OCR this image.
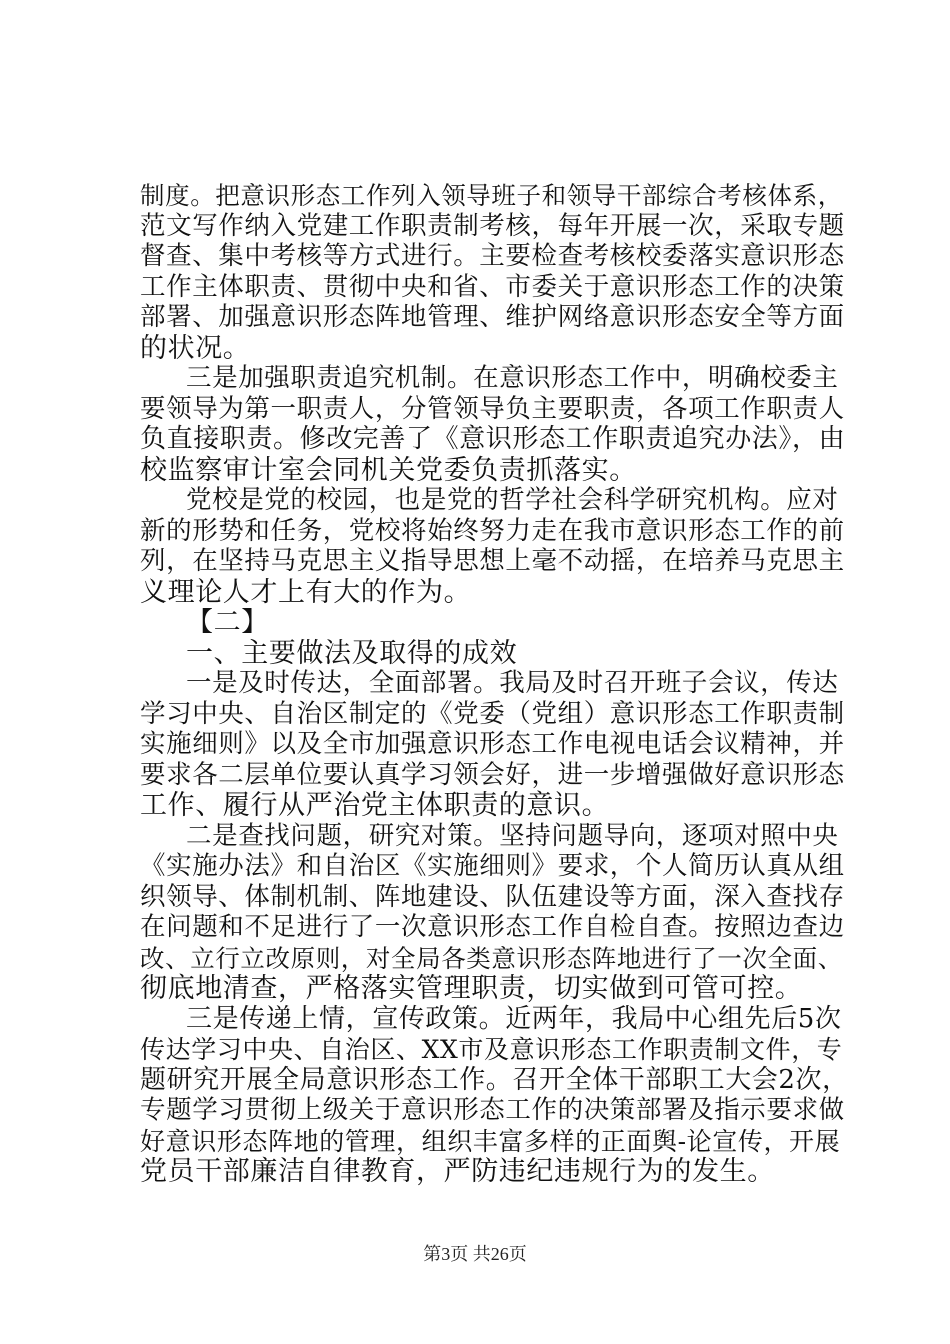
制度。把意识形态工作列入领导班子和领导干部综合考核体系，
范文写作纳入党建工作职责制考核，每年开展一次，采取专题
督查、集中考核等方式进行。主要检查考核校委落实意识形态
工作主体职责、贯彻中央和省、市委关于意识形态工作的决策
部署、加强意识形态阵地管理、维护网络意识形态安全等方面
的状况。
三是加强职责追究机制。在意识形态工作中，明确校委主
要领导为第一职责人，分管领导负主要职责，各项工作职责人
负直接职责。修改完善了《意识形态工作职责追究办法》，由
校监察审计室会同机关党委负责抓落实。
党校是党的校园，也是党的哲学社会科学研究机构。应对
新的形势和任务，党校将始终努力走在我市意识形态工作的前
列，在坚持马克思主义指导思想上毫不动摇，在培养马克思主
义理论人才上有大的作为。
【二】
一、主要做法及取得的成效
一是及时传达，全面部署。我局及时召开班子会议，传达
学习中央、自治区制定的《党委（党组）意识形态工作职责制
实施细则》以及全市加强意识形态工作电视电话会议精神，并
要求各二层单位要认真学习领会好，进一步增强做好意识形态
工作、履行从严治党主体职责的意识。
二是查找问题，研究对策。坚持问题导向，逐项对照中央
《实施办法》和自治区《实施细则》要求，个人简历认真从组
织领导、体制机制、阵地建设、队伍建设等方面，深入查找存
在问题和不足进行了一次意识形态工作自检自查。按照边查边
改、立行立改原则，对全局各类意识形态阵地进行了一次全面、
彻底地清查，严格落实管理职责，切实做到可管可控。
三是传递上情，宣传政策。近两年，我局中心组先后5次
传达学习中央、自治区、XX市及意识形态工作职责制文件，专
题研究开展全局意识形态工作。召开全体干部职工大会2次，
专题学习贯彻上级关于意识形态工作的决策部署及指示要求做
好意识形态阵地的管理，组织丰富多样的正面舆-论宣传，开展
党员干部廉洁自律教育，严防违纪违规行为的发生。
第3页 共26页
